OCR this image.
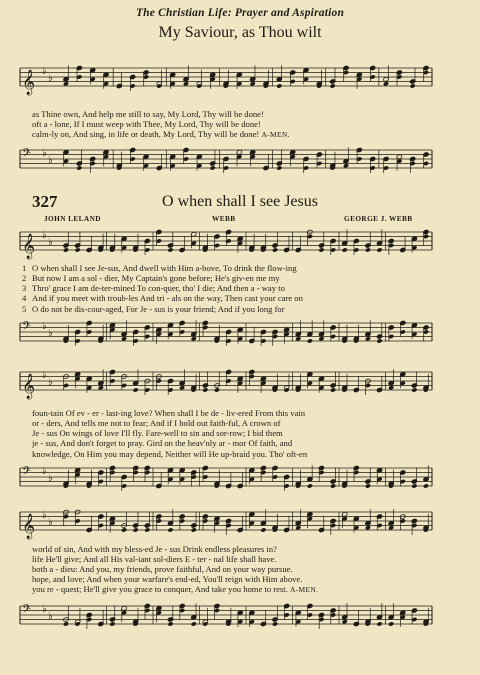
The Christian Life: Prayer and Aspiration
My Saviour, as Thou wilt
𝄞 ♭
♭
as Thine own, And help me still to say, My Lord, Thy will be done!
oft a - lone, If I must weep with Thee, My Lord, Thy will be done!
calm-ly on, And sing, in life or death, My Lord, Thy will be done! A-MEN.
𝄢 ♭
♭
327	O when shall I see Jesus
JOHN LELAND	WEBB	GEORGE J. WEBB
𝄞 ♭
♭
1
2
3
4
5
O when shall I see Je-sus, And dwell with Him a-bove, To drink the flow-ing
But now I am a sol - dier, My Captain's gone before; He's giv-en me my
Thro' grace I am de-ter-mined To con-quer, tho' I die; And then a - way to
And if you meet with troub-les And tri - als on the way, Then cast your care on
O do not be dis-cour-aged, For Je - sus is your friend; And if you long for
𝄢 ♭
♭
𝄞 ♭
♭
foun-tain Of ev - er - last-ing love? When shall I be de - liv-ered From this vain
or - ders, And tells me not to fear; And if I hold out faith-ful, A crown of
Je - sus On wings of love I'll fly. Fare-well to sin and sor-row; I bid them
je - sus, And don't forget to pray. Gird on the heav'nly ar - mor Of faith, and
knowledge, On Him you may depend, Neither will He up-braid you. Tho' oft-en
𝄢 ♭
♭
𝄞 ♭
♭
world of sin, And with my bless-ed Je - sus Drink endless pleasures in?
life He'll give; And all His val-iant sol-diers E - ter - nal life shall have.
both a - dieu: And you, my friends, prove faithful, And on your way pursue.
hope, and love; And when your warfare's end-ed, You'll reign with Him above.
you re - quest; He'll give you grace to conquer, And take you home to rest. A-MEN.
𝄢 ♭
♭
